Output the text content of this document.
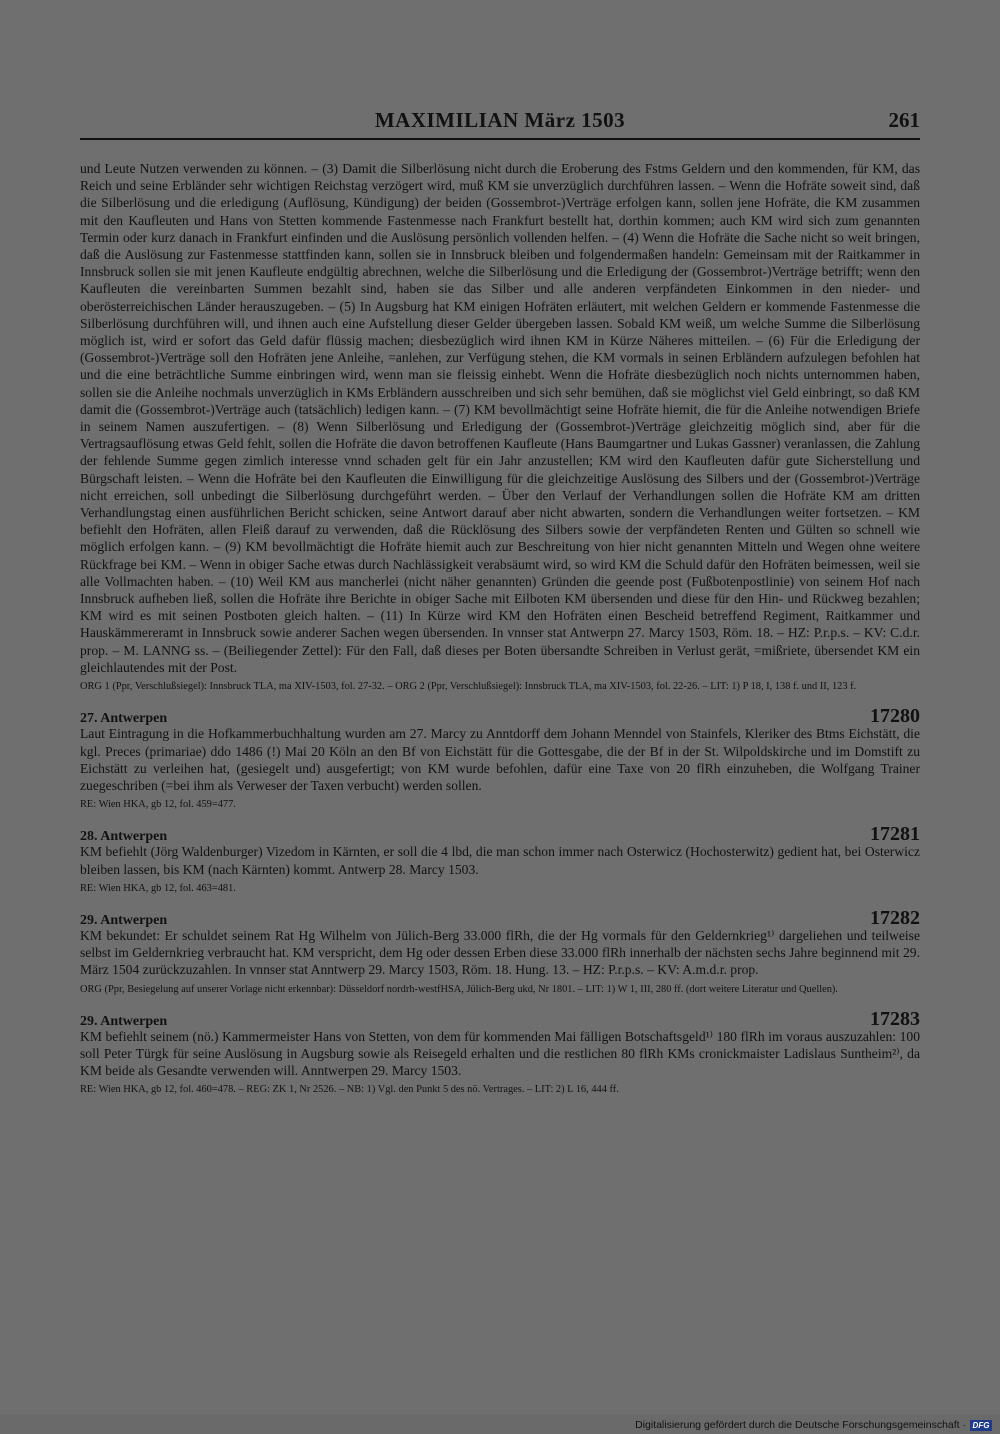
MAXIMILIAN März 1503	261

und Leute Nutzen verwenden zu können. – (3) Damit die Silberlösung nicht durch die Eroberung des Fstms Geldern und den kommenden, für KM, das Reich und seine Erbländer sehr wichtigen Reichstag verzögert wird, muß KM sie unverzüglich durchführen lassen. – Wenn die Hofräte soweit sind, daß die Silberlösung und die erledigung (Auflösung, Kündigung) der beiden (Gossembrot-)Verträge erfolgen kann, sollen jene Hofräte, die KM zusammen mit den Kaufleuten und Hans von Stetten kommende Fastenmesse nach Frankfurt bestellt hat, dorthin kommen; auch KM wird sich zum genannten Termin oder kurz danach in Frankfurt einfinden und die Auslösung persönlich vollenden helfen. – (4) Wenn die Hofräte die Sache nicht so weit bringen, daß die Auslösung zur Fastenmesse stattfinden kann, sollen sie in Innsbruck bleiben und folgendermaßen handeln: Gemeinsam mit der Raitkammer in Innsbruck sollen sie mit jenen Kaufleute endgültig abrechnen, welche die Silberlösung und die Erledigung der (Gossembrot-)Verträge betrifft; wenn den Kaufleuten die vereinbarten Summen bezahlt sind, haben sie das Silber und alle anderen verpfändeten Einkommen in den nieder- und oberösterreichischen Länder herauszugeben. – (5) In Augsburg hat KM einigen Hofräten erläutert, mit welchen Geldern er kommende Fastenmesse die Silberlösung durchführen will, und ihnen auch eine Aufstellung dieser Gelder übergeben lassen. Sobald KM weiß, um welche Summe die Silberlösung möglich ist, wird er sofort das Geld dafür flüssig machen; diesbezüglich wird ihnen KM in Kürze Näheres mitteilen. – (6) Für die Erledigung der (Gossembrot-)Verträge soll den Hofräten jene Anleihe, =anlehen, zur Verfügung stehen, die KM vormals in seinen Erbländern aufzulegen befohlen hat und die eine beträchtliche Summe einbringen wird, wenn man sie fleissig einhebt. Wenn die Hofräte diesbezüglich noch nichts unternommen haben, sollen sie die Anleihe nochmals unverzüglich in KMs Erbländern ausschreiben und sich sehr bemühen, daß sie möglichst viel Geld einbringt, so daß KM damit die (Gossembrot-)Verträge auch (tatsächlich) ledigen kann. – (7) KM bevollmächtigt seine Hofräte hiemit, die für die Anleihe notwendigen Briefe in seinem Namen auszufertigen. – (8) Wenn Silberlösung und Erledigung der (Gossembrot-)Verträge gleichzeitig möglich sind, aber für die Vertragsauflösung etwas Geld fehlt, sollen die Hofräte die davon betroffenen Kaufleute (Hans Baumgartner und Lukas Gassner) veranlassen, die Zahlung der fehlende Summe gegen zimlich interesse vnnd schaden gelt für ein Jahr anzustellen; KM wird den Kaufleuten dafür gute Sicherstellung und Bürgschaft leisten. – Wenn die Hofräte bei den Kaufleuten die Einwilligung für die gleichzeitige Auslösung des Silbers und der (Gossembrot-)Verträge nicht erreichen, soll unbedingt die Silberlösung durchgeführt werden. – Über den Verlauf der Verhandlungen sollen die Hofräte KM am dritten Verhandlungstag einen ausführlichen Bericht schicken, seine Antwort darauf aber nicht abwarten, sondern die Verhandlungen weiter fortsetzen. – KM befiehlt den Hofräten, allen Fleiß darauf zu verwenden, daß die Rücklösung des Silbers sowie der verpfändeten Renten und Gülten so schnell wie möglich erfolgen kann. – (9) KM bevollmächtigt die Hofräte hiemit auch zur Beschreitung von hier nicht genannten Mitteln und Wegen ohne weitere Rückfrage bei KM. – Wenn in obiger Sache etwas durch Nachlässigkeit verabsäumt wird, so wird KM die Schuld dafür den Hofräten beimessen, weil sie alle Vollmachten haben. – (10) Weil KM aus mancherlei (nicht näher genannten) Gründen die geende post (Fußbotenpostlinie) von seinem Hof nach Innsbruck aufheben ließ, sollen die Hofräte ihre Berichte in obiger Sache mit Eilboten KM übersenden und diese für den Hin- und Rückweg bezahlen; KM wird es mit seinen Postboten gleich halten. – (11) In Kürze wird KM den Hofräten einen Bescheid betreffend Regiment, Raitkammer und Hauskämmereramt in Innsbruck sowie anderer Sachen wegen übersenden. In vnnser stat Antwerpn 27. Marcy 1503, Röm. 18. – HZ: P.r.p.s. – KV: C.d.r. prop. – M. LANNG ss. – (Beiliegender Zettel): Für den Fall, daß dieses per Boten übersandte Schreiben in Verlust gerät, =mißriete, übersendet KM ein gleichlautendes mit der Post.

ORG 1 (Ppr, Verschlußsiegel): Innsbruck TLA, ma XIV-1503, fol. 27-32. – ORG 2 (Ppr, Verschlußsiegel): Innsbruck TLA, ma XIV-1503, fol. 22-26. – LIT: 1) P 18, I, 138 f. und II, 123 f.

27. Antwerpen	17280

Laut Eintragung in die Hofkammerbuchhaltung wurden am 27. Marcy zu Anntdorff dem Johann Menndel von Stainfels, Kleriker des Btms Eichstätt, die kgl. Preces (primariae) ddo 1486 (!) Mai 20 Köln an den Bf von Eichstätt für die Gottesgabe, die der Bf in der St. Wilpoldskirche und im Domstift zu Eichstätt zu verleihen hat, (gesiegelt und) ausgefertigt; von KM wurde befohlen, dafür eine Taxe von 20 flRh einzuheben, die Wolfgang Trainer zuegeschriben (=bei ihm als Verweser der Taxen verbucht) werden sollen.

RE: Wien HKA, gb 12, fol. 459=477.

28. Antwerpen	17281

KM befiehlt (Jörg Waldenburger) Vizedom in Kärnten, er soll die 4 lbd, die man schon immer nach Osterwicz (Hochosterwitz) gedient hat, bei Osterwicz bleiben lassen, bis KM (nach Kärnten) kommt. Antwerp 28. Marcy 1503.

RE: Wien HKA, gb 12, fol. 463=481.

29. Antwerpen	17282

KM bekundet: Er schuldet seinem Rat Hg Wilhelm von Jülich-Berg 33.000 flRh, die der Hg vormals für den Geldernkrieg¹⁾ dargeliehen und teilweise selbst im Geldernkrieg verbraucht hat. KM verspricht, dem Hg oder dessen Erben diese 33.000 flRh innerhalb der nächsten sechs Jahre beginnend mit 29. März 1504 zurückzuzahlen. In vnnser stat Anntwerp 29. Marcy 1503, Röm. 18. Hung. 13. – HZ: P.r.p.s. – KV: A.m.d.r. prop.

ORG (Ppr, Besiegelung auf unserer Vorlage nicht erkennbar): Düsseldorf nordrh-westfHSA, Jülich-Berg ukd, Nr 1801. – LIT: 1) W 1, III, 280 ff. (dort weitere Literatur und Quellen).

29. Antwerpen	17283

KM befiehlt seinem (nö.) Kammermeister Hans von Stetten, von dem für kommenden Mai fälligen Botschaftsgeld¹⁾ 180 flRh im voraus auszuzahlen: 100 soll Peter Türgk für seine Auslösung in Augsburg sowie als Reisegeld erhalten und die restlichen 80 flRh KMs cronickmaister Ladislaus Suntheim²⁾, da KM beide als Gesandte verwenden will. Anntwerpen 29. Marcy 1503.

RE: Wien HKA, gb 12, fol. 460=478. – REG: ZK 1, Nr 2526. – NB: 1) Vgl. den Punkt 5 des nö. Vertrages. – LIT: 2) L 16, 444 ff.

Digitalisierung gefördert durch die Deutsche Forschungsgemeinschaft · DFG
